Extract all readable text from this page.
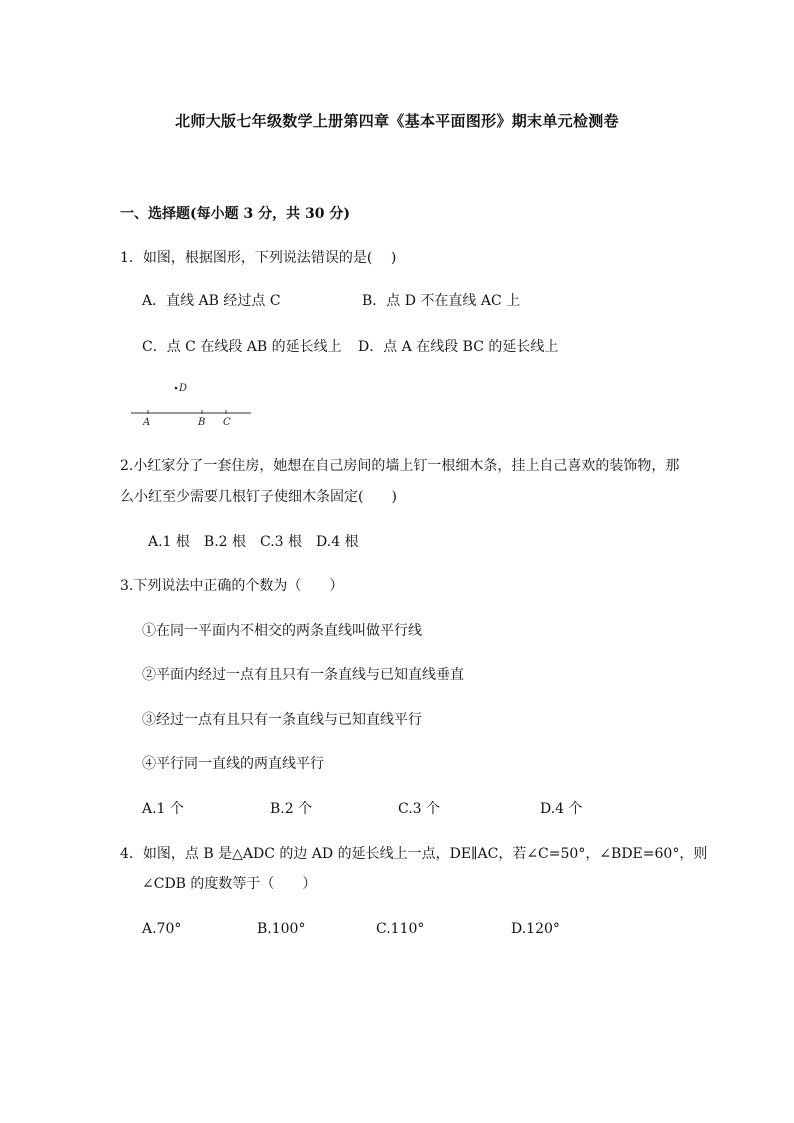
北师大版七年级数学上册第四章《基本平面图形》期末单元检测卷
一、选择题(每小题 3 分，共 30 分)
1．如图，根据图形，下列说法错误的是(　 )
A．直线 AB 经过点 C	B．点 D 不在直线 AC 上
C．点 C 在线段 AB 的延长线上 D．点 A 在线段 BC 的延长线上
D
A	B C
2.小红家分了一套住房，她想在自己房间的墙上钉一根细木条，挂上自己喜欢的装饰物，那
么小红至少需要几根钉子使细木条固定(　　)
A.1 根　B.2 根　C.3 根　D.4 根
3.下列说法中正确的个数为（　　）
①在同一平面内不相交的两条直线叫做平行线
②平面内经过一点有且只有一条直线与已知直线垂直
③经过一点有且只有一条直线与已知直线平行
④平行同一直线的两直线平行
A.1 个	B.2 个	C.3 个	D.4 个
4．如图，点 B 是△ADC 的边 AD 的延长线上一点，DE∥AC，若∠C=50°，∠BDE=60°，则
∠CDB 的度数等于（　　）
A.70°	B.100°	C.110°	D.120°
